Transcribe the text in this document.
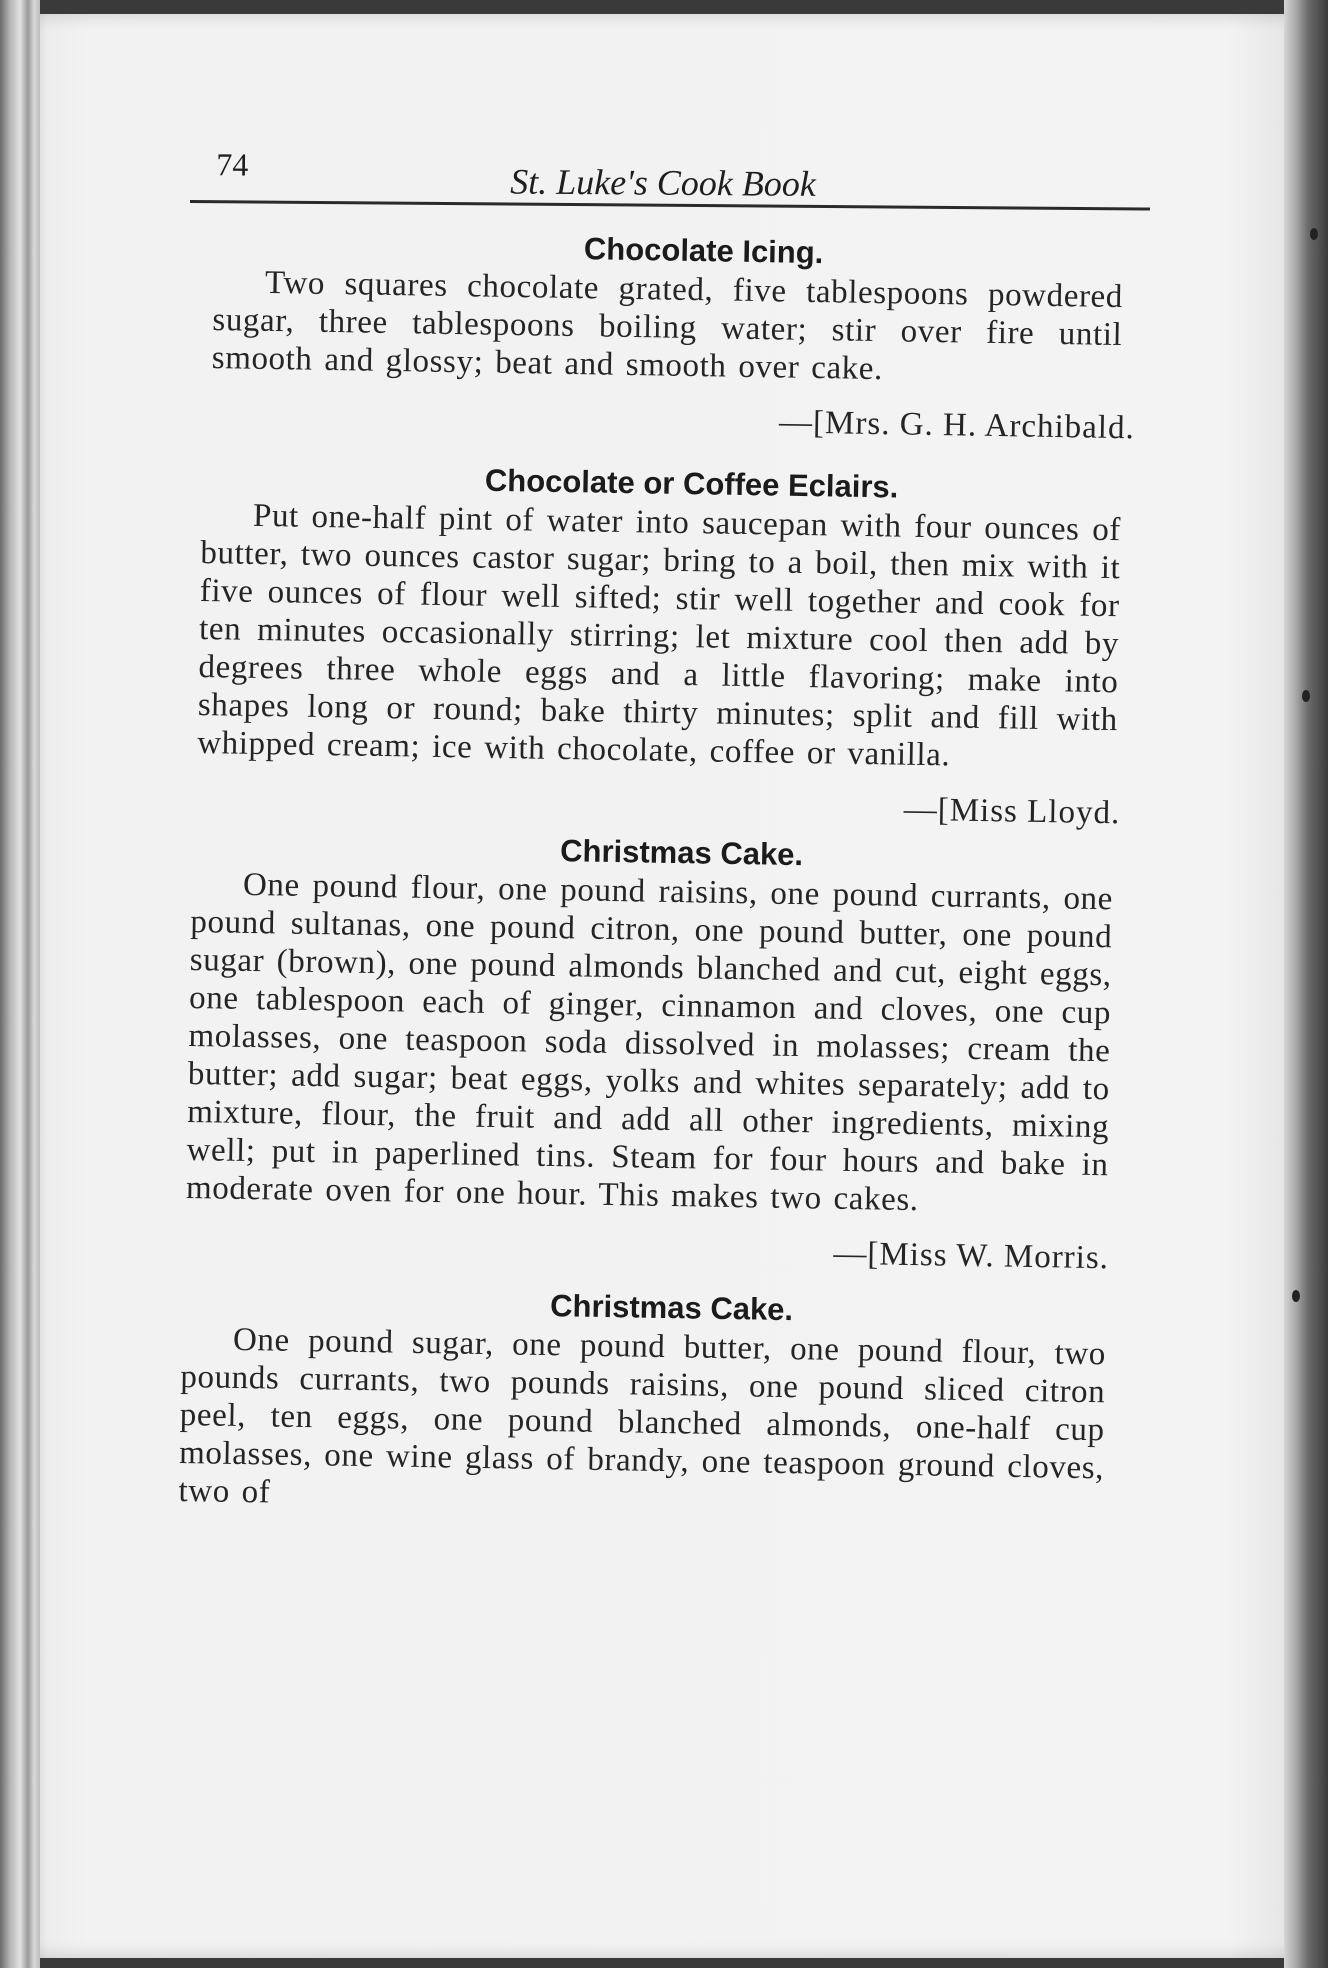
74	St. Luke's Cook Book
Chocolate Icing.
Two squares chocolate grated, five tablespoons powdered sugar, three tablespoons boiling water; stir over fire until smooth and glossy; beat and smooth over cake.
—[Mrs. G. H. Archibald.
Chocolate or Coffee Eclairs.
Put one-half pint of water into saucepan with four ounces of butter, two ounces castor sugar; bring to a boil, then mix with it five ounces of flour well sifted; stir well together and cook for ten minutes occasionally stirring; let mixture cool then add by degrees three whole eggs and a little flavoring; make into shapes long or round; bake thirty minutes; split and fill with whipped cream; ice with chocolate, coffee or vanilla.
—[Miss Lloyd.
Christmas Cake.
One pound flour, one pound raisins, one pound currants, one pound sultanas, one pound citron, one pound butter, one pound sugar (brown), one pound almonds blanched and cut, eight eggs, one tablespoon each of ginger, cinnamon and cloves, one cup molasses, one teaspoon soda dissolved in molasses; cream the butter; add sugar; beat eggs, yolks and whites separately; add to mixture, flour, the fruit and add all other ingredients, mixing well; put in paperlined tins. Steam for four hours and bake in moderate oven for one hour. This makes two cakes.
—[Miss W. Morris.
Christmas Cake.
One pound sugar, one pound butter, one pound flour, two pounds currants, two pounds raisins, one pound sliced citron peel, ten eggs, one pound blanched almonds, one-half cup molasses, one wine glass of brandy, one teaspoon ground cloves, two of
